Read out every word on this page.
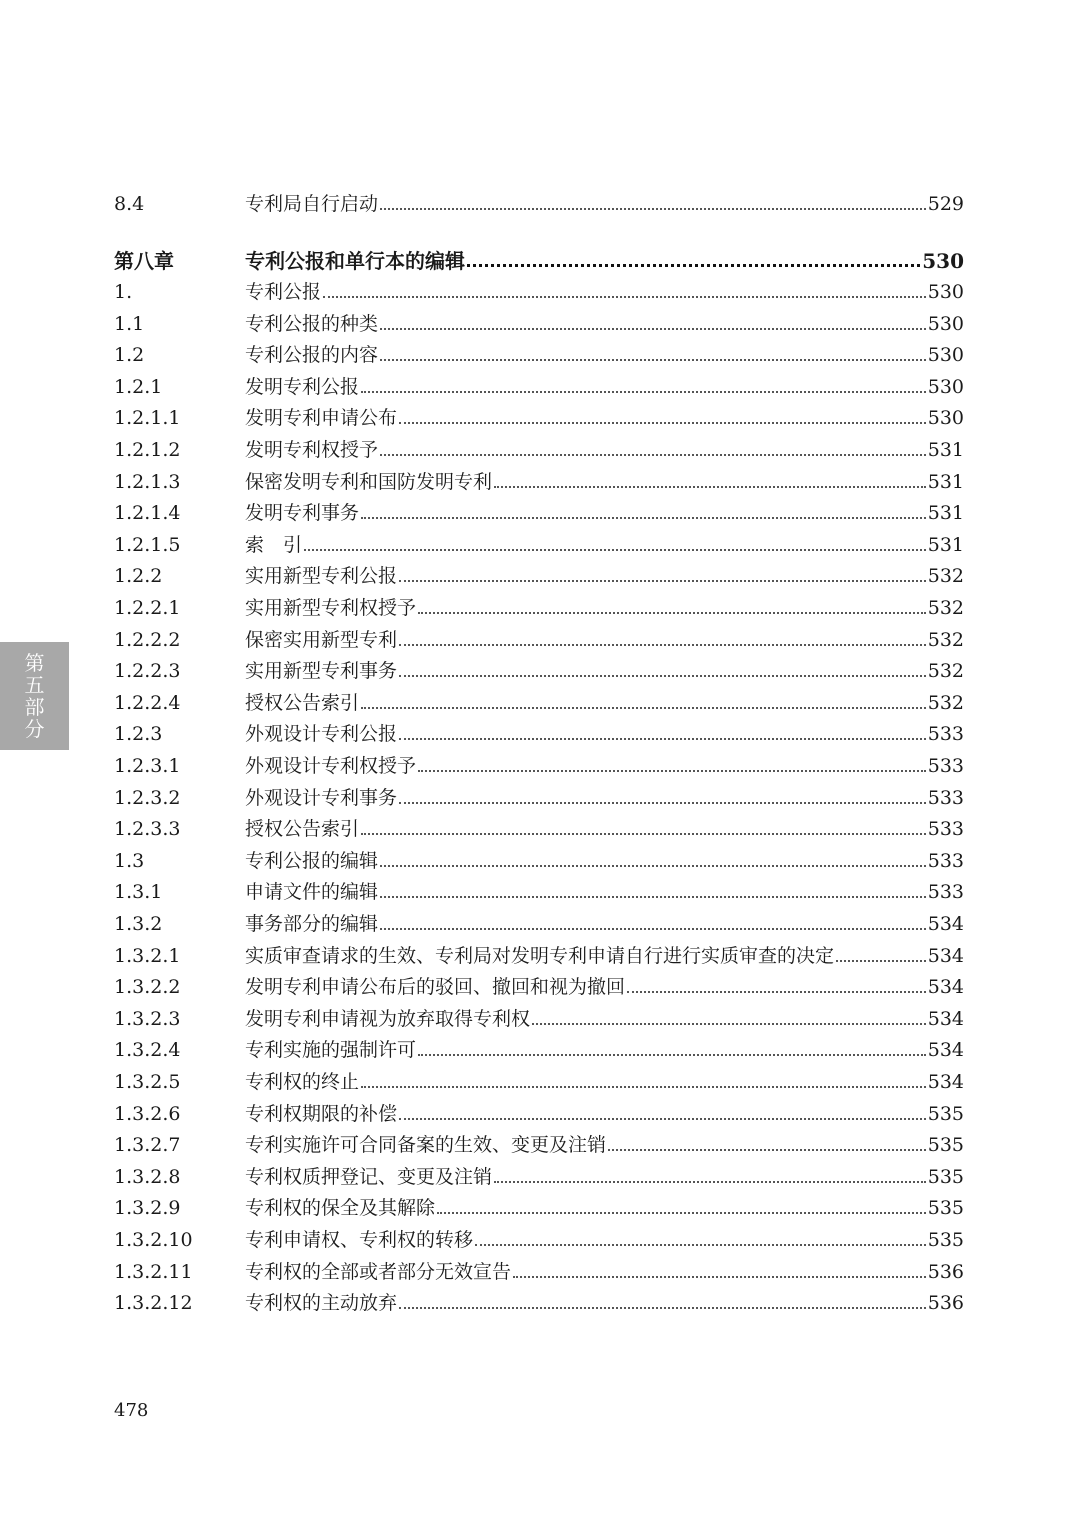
8.4	专利局自行启动	529
第八章	专利公报和单行本的编辑	530
1.	专利公报	530
1.1	专利公报的种类	530
1.2	专利公报的内容	530
1.2.1	发明专利公报	530
1.2.1.1	发明专利申请公布	530
1.2.1.2	发明专利权授予	531
1.2.1.3	保密发明专利和国防发明专利	531
1.2.1.4	发明专利事务	531
1.2.1.5	索　引	531
1.2.2	实用新型专利公报	532
1.2.2.1	实用新型专利权授予	532
1.2.2.2	保密实用新型专利	532
1.2.2.3	实用新型专利事务	532
1.2.2.4	授权公告索引	532
1.2.3	外观设计专利公报	533
1.2.3.1	外观设计专利权授予	533
1.2.3.2	外观设计专利事务	533
1.2.3.3	授权公告索引	533
1.3	专利公报的编辑	533
1.3.1	申请文件的编辑	533
1.3.2	事务部分的编辑	534
1.3.2.1	实质审查请求的生效、专利局对发明专利申请自行进行实质审查的决定	534
1.3.2.2	发明专利申请公布后的驳回、撤回和视为撤回	534
1.3.2.3	发明专利申请视为放弃取得专利权	534
1.3.2.4	专利实施的强制许可	534
1.3.2.5	专利权的终止	534
1.3.2.6	专利权期限的补偿	535
1.3.2.7	专利实施许可合同备案的生效、变更及注销	535
1.3.2.8	专利权质押登记、变更及注销	535
1.3.2.9	专利权的保全及其解除	535
1.3.2.10	专利申请权、专利权的转移	535
1.3.2.11	专利权的全部或者部分无效宣告	536
1.3.2.12	专利权的主动放弃	536
第
五
部
分
478
